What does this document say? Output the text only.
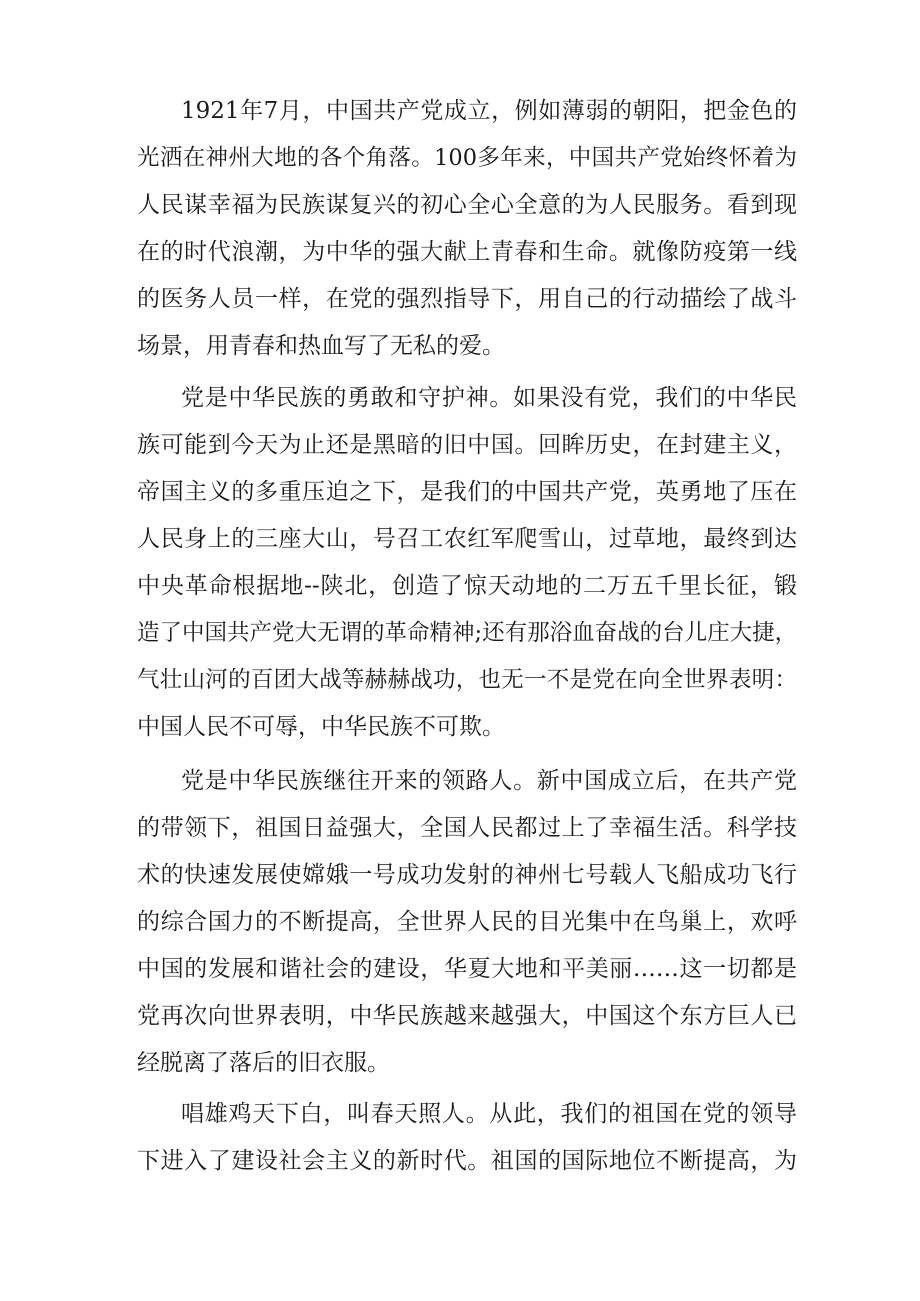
1921年7月，中国共产党成立，例如薄弱的朝阳，把金色的
光洒在神州大地的各个角落。100多年来，中国共产党始终怀着为
人民谋幸福为民族谋复兴的初心全心全意的为人民服务。看到现
在的时代浪潮，为中华的强大献上青春和生命。就像防疫第一线
的医务人员一样，在党的强烈指导下，用自己的行动描绘了战斗
场景，用青春和热血写了无私的爱。
党是中华民族的勇敢和守护神。如果没有党，我们的中华民
族可能到今天为止还是黑暗的旧中国。回眸历史，在封建主义，
帝国主义的多重压迫之下，是我们的中国共产党，英勇地了压在
人民身上的三座大山，号召工农红军爬雪山，过草地，最终到达
中央革命根据地--陕北，创造了惊天动地的二万五千里长征，锻
造了中国共产党大无谓的革命精神;还有那浴血奋战的台儿庄大捷，
气壮山河的百团大战等赫赫战功，也无一不是党在向全世界表明：
中国人民不可辱，中华民族不可欺。
党是中华民族继往开来的领路人。新中国成立后，在共产党
的带领下，祖国日益强大，全国人民都过上了幸福生活。科学技
术的快速发展使嫦娥一号成功发射的神州七号载人飞船成功飞行
的综合国力的不断提高，全世界人民的目光集中在鸟巢上，欢呼
中国的发展和谐社会的建设，华夏大地和平美丽……这一切都是
党再次向世界表明，中华民族越来越强大，中国这个东方巨人已
经脱离了落后的旧衣服。
唱雄鸡天下白，叫春天照人。从此，我们的祖国在党的领导
下进入了建设社会主义的新时代。祖国的国际地位不断提高，为
